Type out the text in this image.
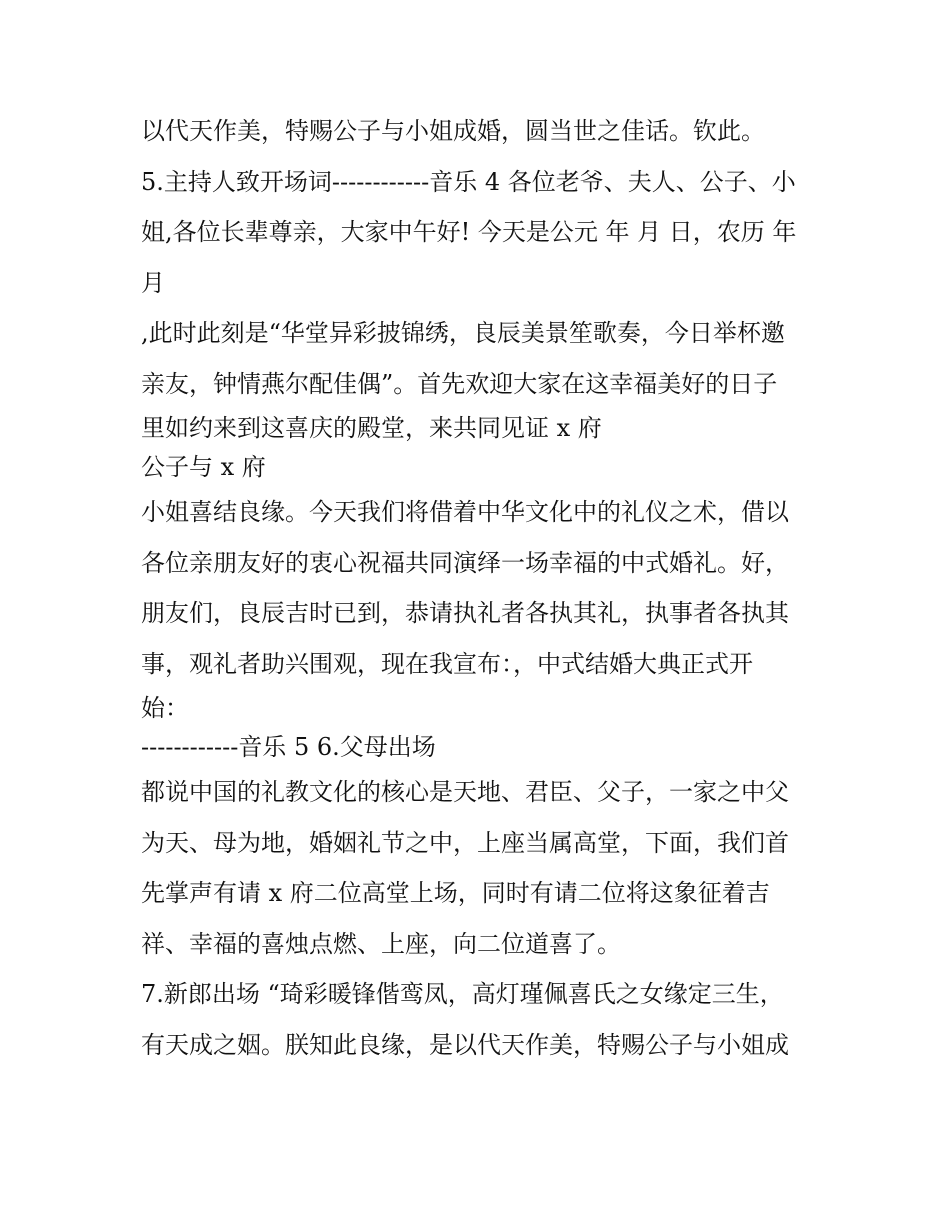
以代天作美，特赐公子与小姐成婚，圆当世之佳话。钦此。
5.主持人致开场词------------音乐 4 各位老爷、夫人、公子、小
姐,各位长辈尊亲，大家中午好! 今天是公元 年 月 日，农历 年
月
,此时此刻是“华堂异彩披锦绣，良辰美景笙歌奏，今日举杯邀
亲友，钟情燕尔配佳偶”。首先欢迎大家在这幸福美好的日子
里如约来到这喜庆的殿堂，来共同见证 x 府
公子与 x 府
小姐喜结良缘。今天我们将借着中华文化中的礼仪之术，借以
各位亲朋友好的衷心祝福共同演绎一场幸福的中式婚礼。好，
朋友们，良辰吉时已到，恭请执礼者各执其礼，执事者各执其
事，观礼者助兴围观，现在我宣布：，中式结婚大典正式开
始：
------------音乐 5 6.父母出场
都说中国的礼教文化的核心是天地、君臣、父子，一家之中父
为天、母为地，婚姻礼节之中，上座当属高堂，下面，我们首
先掌声有请 x 府二位高堂上场，同时有请二位将这象征着吉
祥、幸福的喜烛点燃、上座，向二位道喜了。
7.新郎出场 “琦彩暖锋偕鸾凤，高灯瑾佩喜氏之女缘定三生，
有天成之姻。朕知此良缘，是以代天作美，特赐公子与小姐成
